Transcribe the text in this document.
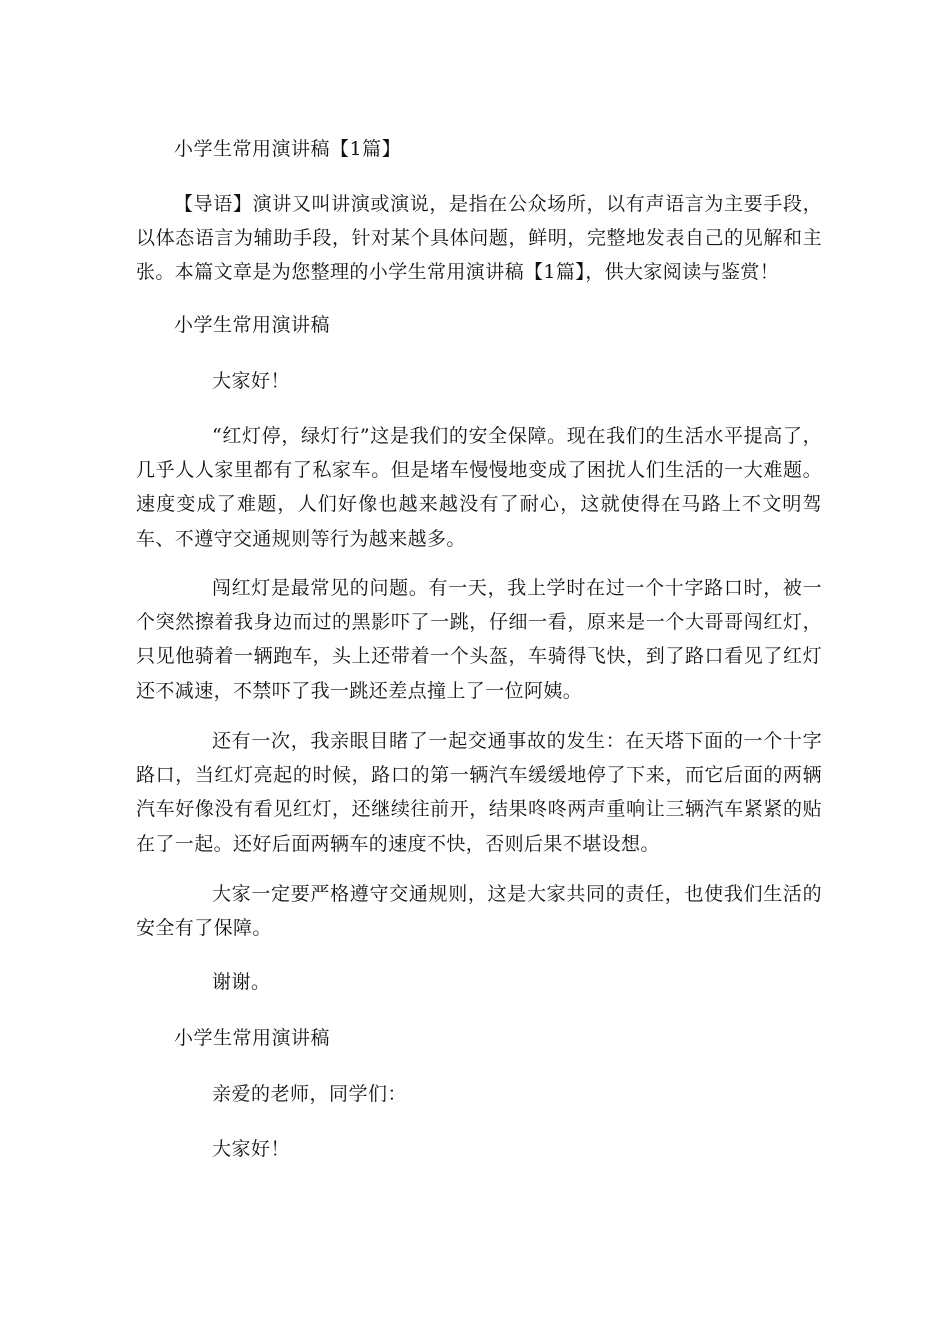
小学生常用演讲稿【1篇】
【导语】演讲又叫讲演或演说，是指在公众场所，以有声语言为主要手段，以体态语言为辅助手段，针对某个具体问题，鲜明，完整地发表自己的见解和主张。本篇文章是为您整理的小学生常用演讲稿【1篇】，供大家阅读与鉴赏！
小学生常用演讲稿
大家好！
“红灯停，绿灯行”这是我们的安全保障。现在我们的生活水平提高了，几乎人人家里都有了私家车。但是堵车慢慢地变成了困扰人们生活的一大难题。速度变成了难题，人们好像也越来越没有了耐心，这就使得在马路上不文明驾车、不遵守交通规则等行为越来越多。
闯红灯是最常见的问题。有一天，我上学时在过一个十字路口时，被一个突然擦着我身边而过的黑影吓了一跳，仔细一看，原来是一个大哥哥闯红灯，只见他骑着一辆跑车，头上还带着一个头盔，车骑得飞快，到了路口看见了红灯还不减速，不禁吓了我一跳还差点撞上了一位阿姨。
还有一次，我亲眼目睹了一起交通事故的发生：在天塔下面的一个十字路口，当红灯亮起的时候，路口的第一辆汽车缓缓地停了下来，而它后面的两辆汽车好像没有看见红灯，还继续往前开，结果咚咚两声重响让三辆汽车紧紧的贴在了一起。还好后面两辆车的速度不快，否则后果不堪设想。
大家一定要严格遵守交通规则，这是大家共同的责任，也使我们生活的安全有了保障。
谢谢。
小学生常用演讲稿
亲爱的老师，同学们：
大家好！
